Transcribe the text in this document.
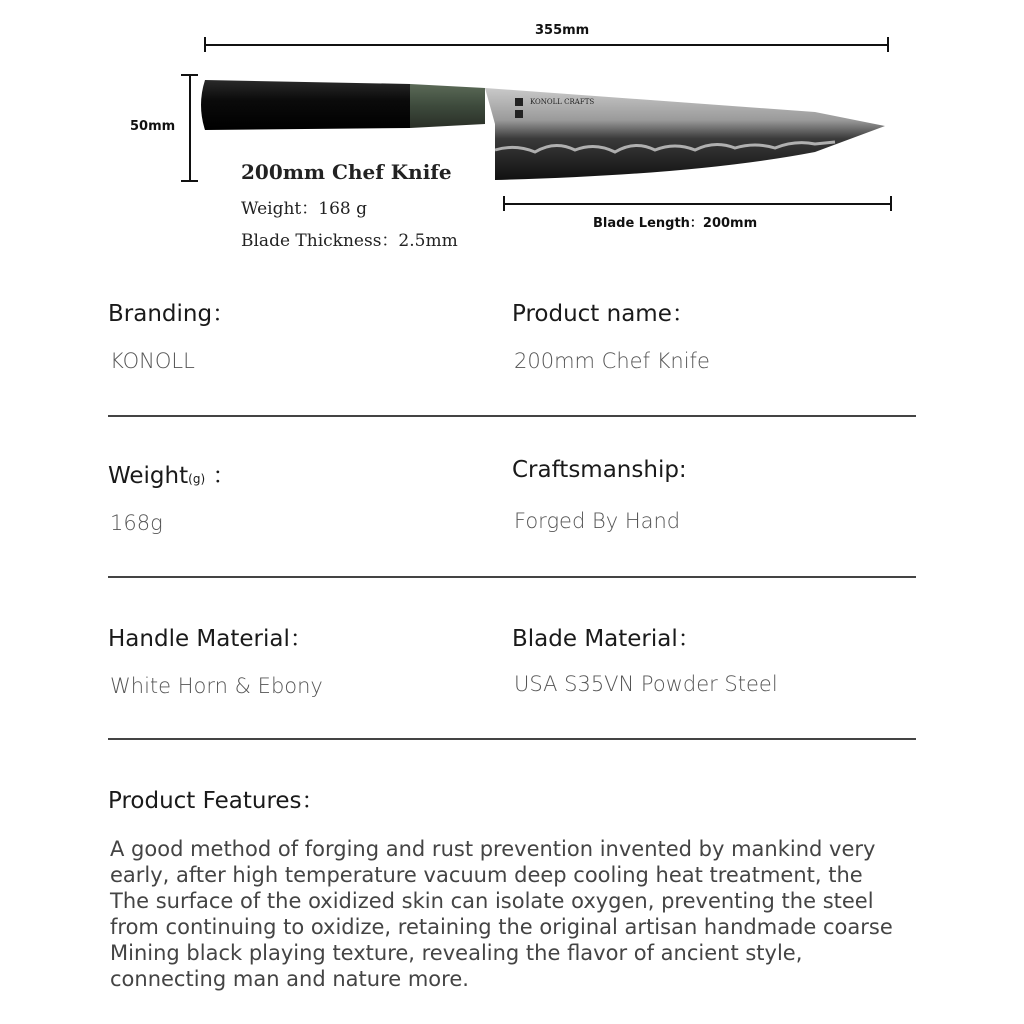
355mm
50mm
KONOLL CRAFTS
200mm Chef Knife
Weight：168 g
Blade Thickness：2.5mm
Blade Length：200mm
Branding：
KONOLL
Product name：
200mm Chef Knife
Weight(g) ：
168g
Craftsmanship:
Forged By Hand
Handle Material：
White Horn & Ebony
Blade Material：
USA S35VN Powder Steel
Product Features：
A good method of forging and rust prevention invented by mankind very
early, after high temperature vacuum deep cooling heat treatment, the
The surface of the oxidized skin can isolate oxygen, preventing the steel
from continuing to oxidize, retaining the original artisan handmade coarse
Mining black playing texture, revealing the flavor of ancient style,
connecting man and nature more.
